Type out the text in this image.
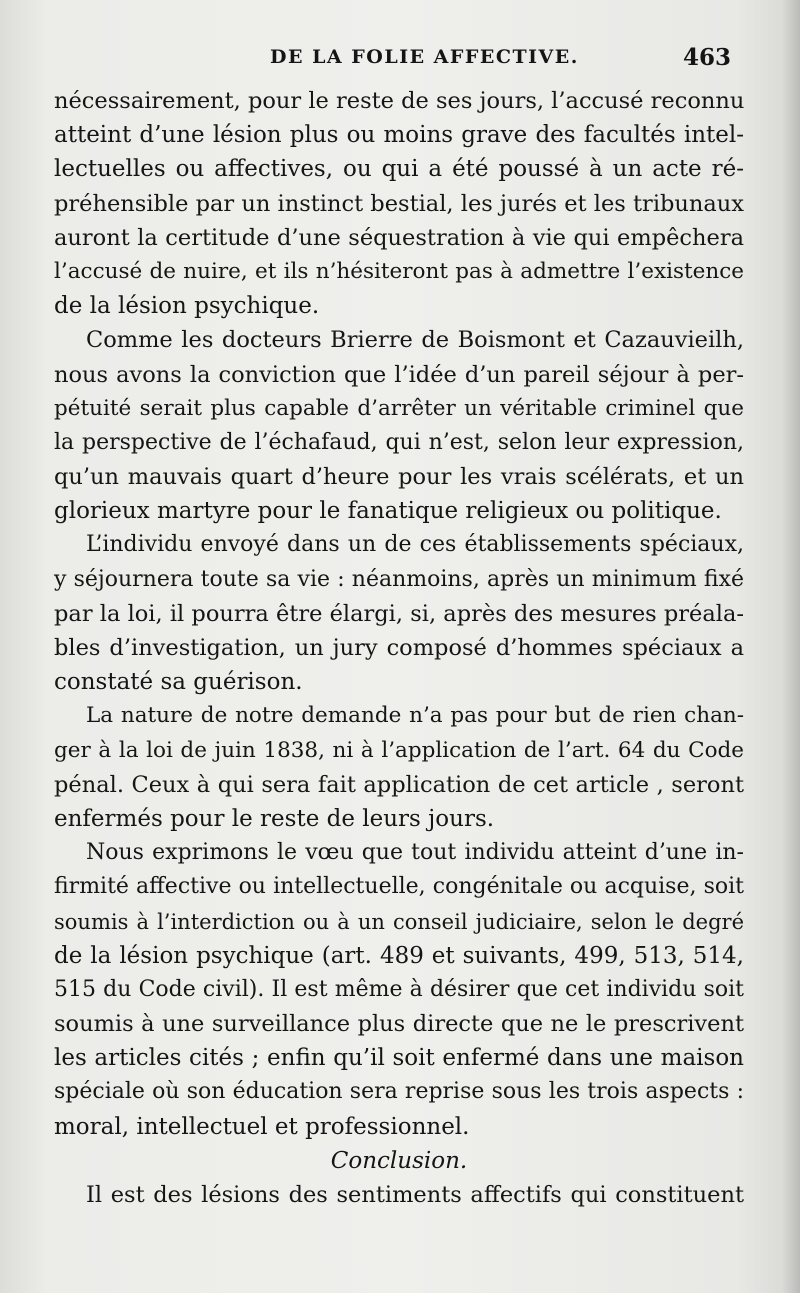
DE LA FOLIE AFFECTIVE.	463
nécessairement, pour le reste de ses jours, l’accusé reconnu
atteint d’une lésion plus ou moins grave des facultés intel-
lectuelles ou affectives, ou qui a été poussé à un acte ré-
préhensible par un instinct bestial, les jurés et les tribunaux
auront la certitude d’une séquestration à vie qui empêchera
l’accusé de nuire, et ils n’hésiteront pas à admettre l’existence
de la lésion psychique.
Comme les docteurs Brierre de Boismont et Cazauvieilh,
nous avons la conviction que l’idée d’un pareil séjour à per-
pétuité serait plus capable d’arrêter un véritable criminel que
la perspective de l’échafaud, qui n’est, selon leur expression,
qu’un mauvais quart d’heure pour les vrais scélérats, et un
glorieux martyre pour le fanatique religieux ou politique.
L’individu envoyé dans un de ces établissements spéciaux,
y séjournera toute sa vie : néanmoins, après un minimum fixé
par la loi, il pourra être élargi, si, après des mesures préala-
bles d’investigation, un jury composé d’hommes spéciaux a
constaté sa guérison.
La nature de notre demande n’a pas pour but de rien chan-
ger à la loi de juin 1838, ni à l’application de l’art. 64 du Code
pénal. Ceux à qui sera fait application de cet article , seront
enfermés pour le reste de leurs jours.
Nous exprimons le vœu que tout individu atteint d’une in-
firmité affective ou intellectuelle, congénitale ou acquise, soit
soumis à l’interdiction ou à un conseil judiciaire, selon le degré
de la lésion psychique (art. 489 et suivants, 499, 513, 514,
515 du Code civil). Il est même à désirer que cet individu soit
soumis à une surveillance plus directe que ne le prescrivent
les articles cités ; enfin qu’il soit enfermé dans une maison
spéciale où son éducation sera reprise sous les trois aspects :
moral, intellectuel et professionnel.
Conclusion.
Il est des lésions des sentiments affectifs qui constituent
